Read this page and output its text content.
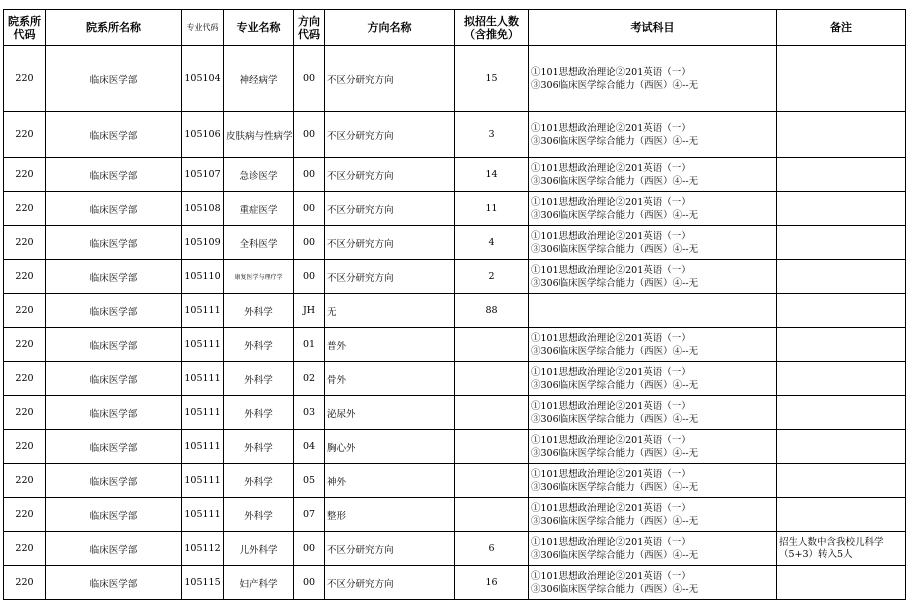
院系所代码	院系所名称	专业代码	专业名称	方向代码	方向名称	拟招生人数（含推免）	考试科目	备注
220	临床医学部	105104	神经病学	00	不区分研究方向	15	①101思想政治理论②201英语（一）
③306临床医学综合能力（西医）④--无	

220	临床医学部	105106	皮肤病与性病学	00	不区分研究方向	3	①101思想政治理论②201英语（一）
③306临床医学综合能力（西医）④--无	

220	临床医学部	105107	急诊医学	00	不区分研究方向	14	①101思想政治理论②201英语（一）
③306临床医学综合能力（西医）④--无	

220	临床医学部	105108	重症医学	00	不区分研究方向	11	①101思想政治理论②201英语（一）
③306临床医学综合能力（西医）④--无	

220	临床医学部	105109	全科医学	00	不区分研究方向	4	①101思想政治理论②201英语（一）
③306临床医学综合能力（西医）④--无	

220	临床医学部	105110	康复医学与理疗学	00	不区分研究方向	2	①101思想政治理论②201英语（一）
③306临床医学综合能力（西医）④--无	

220	临床医学部	105111	外科学	JH	无	88	

220	临床医学部	105111	外科学	01	普外		①101思想政治理论②201英语（一）
③306临床医学综合能力（西医）④--无	

220	临床医学部	105111	外科学	02	骨外		①101思想政治理论②201英语（一）
③306临床医学综合能力（西医）④--无	

220	临床医学部	105111	外科学	03	泌尿外		①101思想政治理论②201英语（一）
③306临床医学综合能力（西医）④--无	

220	临床医学部	105111	外科学	04	胸心外		①101思想政治理论②201英语（一）
③306临床医学综合能力（西医）④--无	

220	临床医学部	105111	外科学	05	神外		①101思想政治理论②201英语（一）
③306临床医学综合能力（西医）④--无	

220	临床医学部	105111	外科学	07	整形		①101思想政治理论②201英语（一）
③306临床医学综合能力（西医）④--无	

220	临床医学部	105112	儿外科学	00	不区分研究方向	6	①101思想政治理论②201英语（一）
③306临床医学综合能力（西医）④--无	招生人数中含我校儿科学（5+3）转入5人
220	临床医学部	105115	妇产科学	00	不区分研究方向	16	①101思想政治理论②201英语（一）
③306临床医学综合能力（西医）④--无	
